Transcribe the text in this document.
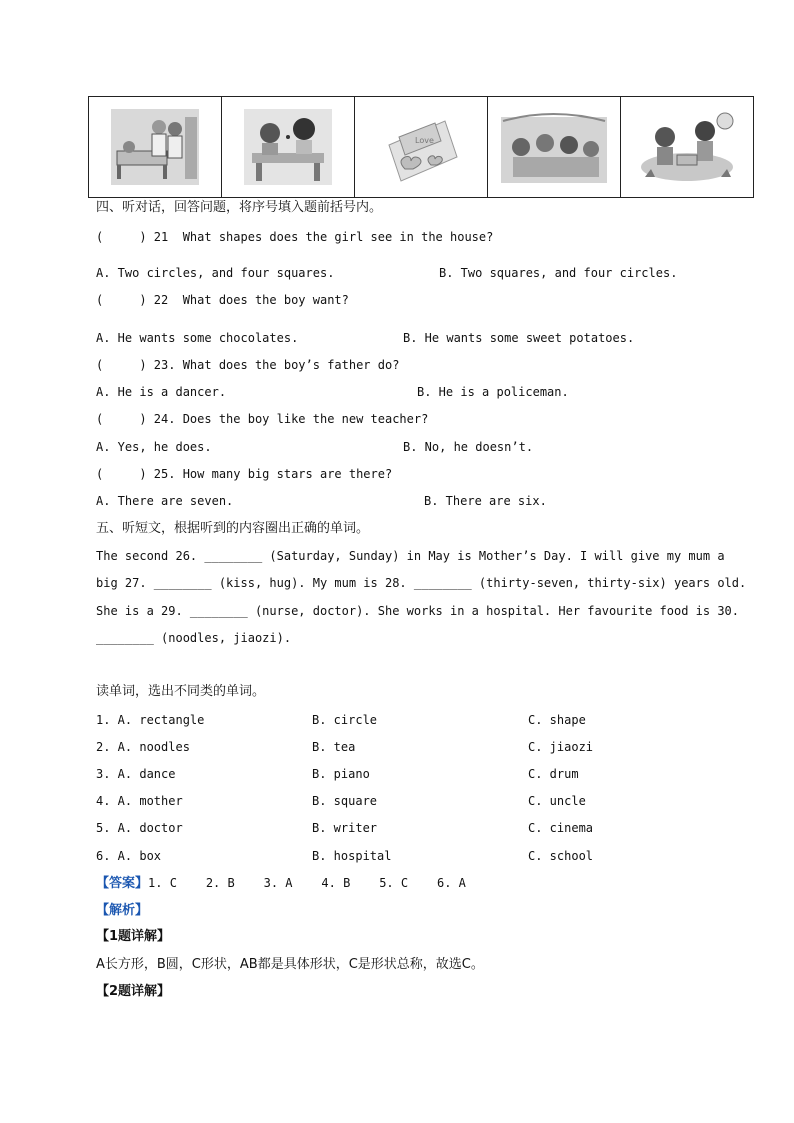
Love
四、听对话，回答问题，将序号填入题前括号内。
(     ) 21  What shapes does the girl see in the house?
A. Two circles, and four squares.	B. Two squares, and four circles.
(     ) 22  What does the boy want?
A. He wants some chocolates.	B. He wants some sweet potatoes.
(     ) 23. What does the boy’s father do?
A. He is a dancer.	B. He is a policeman.
(     ) 24. Does the boy like the new teacher?
A. Yes, he does.	B. No, he doesn’t.
(     ) 25. How many big stars are there?
A. There are seven.	B. There are six.
五、听短文，根据听到的内容圈出正确的单词。
The second 26. ________ (Saturday, Sunday) in May is Mother’s Day. I will give my mum a
big 27. ________ (kiss, hug). My mum is 28. ________ (thirty-seven, thirty-six) years old.
She is a 29. ________ (nurse, doctor). She works in a hospital. Her favourite food is 30.
________ (noodles, jiaozi).
读单词，选出不同类的单词。
1. A. rectangle	B. circle	C. shape
2. A. noodles	B. tea	C. jiaozi
3. A. dance	B. piano	C. drum
4. A. mother	B. square	C. uncle
5. A. doctor	B. writer	C. cinema
6. A. box	B. hospital	C. school
【答案】1. C    2. B    3. A    4. B    5. C    6. A
【解析】
【1题详解】
A长方形，B圆，C形状，AB都是具体形状，C是形状总称，故选C。
【2题详解】
